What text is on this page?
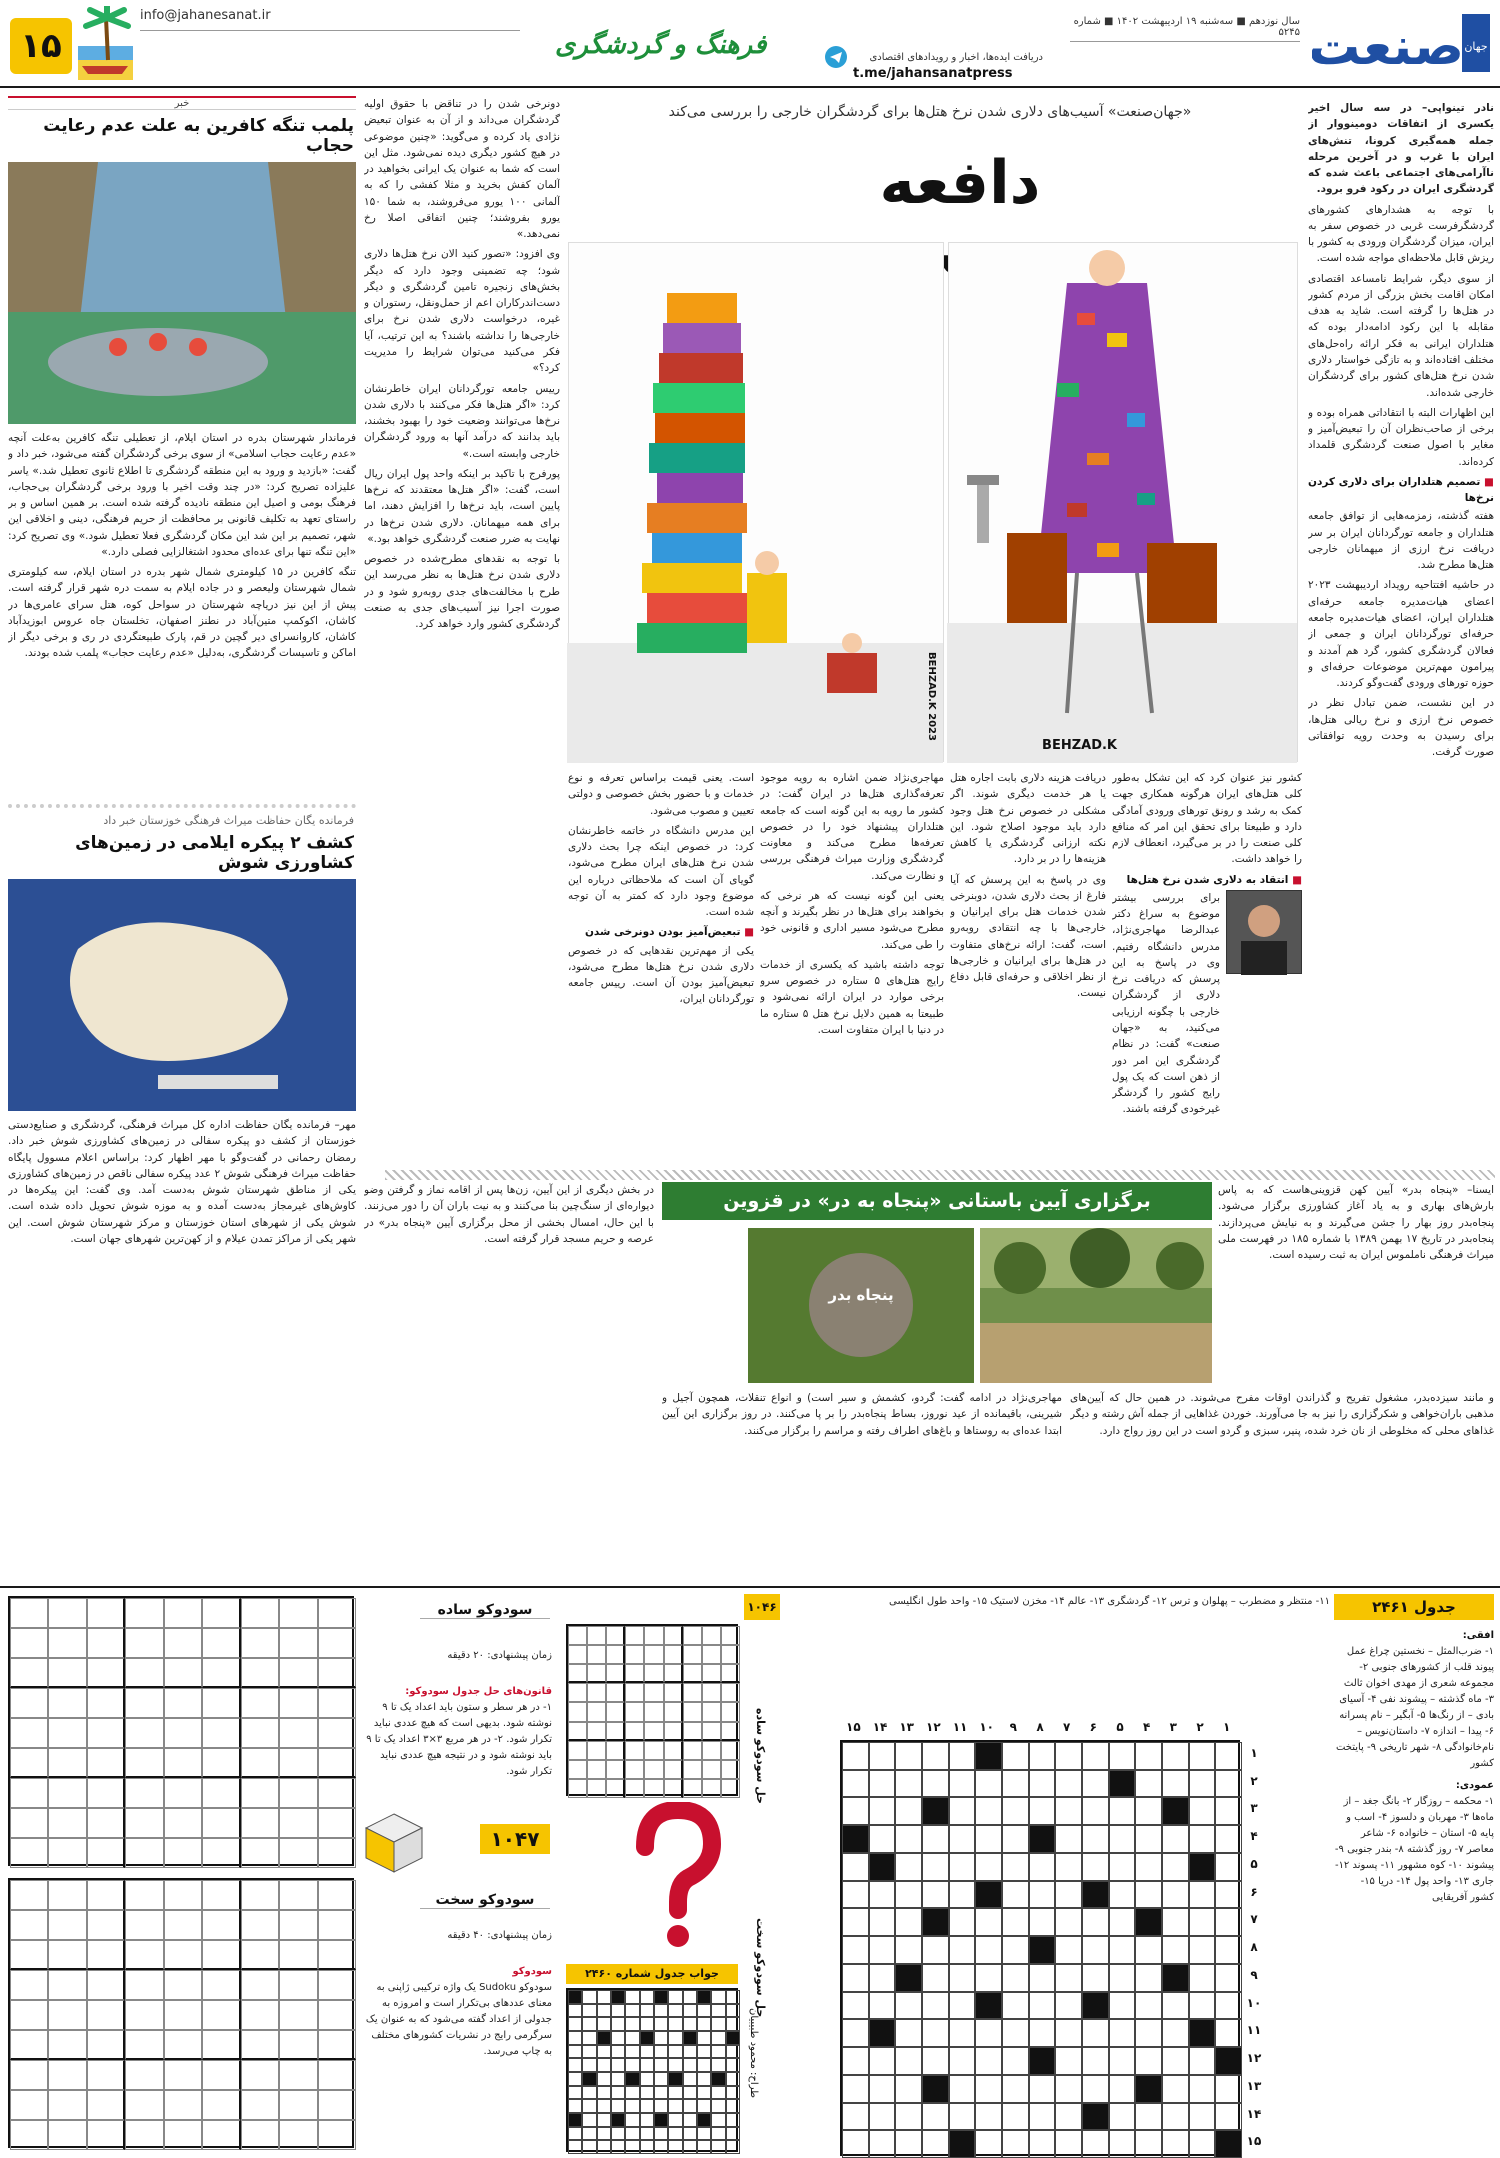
۱۵
info@jahanesanat.ir
فرهنگ و گردشگری	دریافت ایده‌ها، اخبار و رویدادهای اقتصادی
t.me/jahansanatpress
سال نوزدهم ■ سه‌شنبه ۱۹ اردیبهشت ۱۴۰۲ ■ شماره ۵۲۴۵
جهان
صنعت
«جهان‌صنعت» آسیب‌های دلاری شدن نرخ هتل‌ها برای گردشگران خارجی را بررسی می‌کند
دافعه

نادر تینواپی– در سه سال اخیر یکسری از اتفاقات دومینووار از جمله همه‌گیری کرونا، تنش‌های ایران با غرب و در آخرین مرحله ناآرامی‌های اجتماعی باعث شده که گردشگری ایران در رکود فرو برود.

با توجه به هشدارهای کشورهای گردشگرفرست غربی در خصوص سفر به ایران، میزان گردشگران ورودی به کشور با ریزش قابل ملاحظه‌ای مواجه شده است.

از سوی دیگر، شرایط نامساعد اقتصادی امکان اقامت بخش بزرگی از مردم کشور در هتل‌ها را گرفته است. شاید به هدف مقابله با این رکود ادامه‌دار بوده که هتلداران ایرانی به فکر ارائه راه‌حل‌های مختلف افتاده‌اند و به تازگی خواستار دلاری شدن نرخ هتل‌های کشور برای گردشگران خارجی شده‌اند.

این اظهارات البته با انتقاداتی همراه بوده و برخی از صاحب‌نظران آن را تبعیض‌آمیز و مغایر با اصول صنعت گردشگری قلمداد کرده‌اند.

■ تصمیم هتلداران برای دلاری کردن نرخ‌ها

هفته گذشته، زمزمه‌هایی از توافق جامعه هتلداران و جامعه تورگردانان ایران بر سر دریافت نرخ ارزی از میهمانان خارجی هتل‌ها مطرح شد.

در حاشیه افتتاحیه رویداد اردیبهشت ۲۰۲۳ اعضای هیات‌مدیره جامعه حرفه‌ای هتلداران ایران، اعضای هیات‌مدیره جامعه حرفه‌ای تورگردانان ایران و جمعی از فعالان گردشگری کشور، گرد هم آمدند و پیرامون مهم‌ترین موضوعات حرفه‌ای و حوزه تورهای ورودی گفت‌وگو کردند.

در این نشست، ضمن تبادل نظر در خصوص نرخ ارزی و نرخ ریالی هتل‌ها، برای رسیدن به وحدت رویه توافقاتی صورت گرفت.

BEHZAD.K
BEHZAD.K 2023

کشور نیز عنوان کرد که این تشکل به‌طور کلی هتل‌های ایران هرگونه همکاری جهت کمک به رشد و رونق تورهای ورودی آمادگی دارد و طبیعتا برای تحقق این امر که منافع کلی صنعت را در بر می‌گیرد، انعطاف لازم را خواهد داشت.

■ انتقاد به دلاری شدن نرخ هتل‌ها

برای بررسی بیشتر موضوع به سراغ دکتر عبدالرضا مهاجری‌نژاد، مدرس دانشگاه رفتیم. وی در پاسخ به این پرسش که دریافت نرخ دلاری از گردشگران خارجی با چگونه ارزیابی می‌کنید، به «جهان صنعت» گفت: در نظام گردشگری این امر دور از ذهن است که یک پول رایج کشور را گردشگر غیرخودی گرفته باشند.

دریافت هزینه دلاری بابت اجاره هتل یا هر خدمت دیگری شوند. اگر مشکلی در خصوص نرخ هتل وجود دارد باید موجود اصلاح شود. این نکته ارزانی گردشگری یا کاهش هزینه‌ها را در بر دارد.

وی در پاسخ به این پرسش که آیا فارغ از بحث دلاری شدن، دوبنرخی شدن خدمات هتل برای ایرانیان و خارجی‌ها با چه انتقادی روبه‌رو است، گفت: ارائه نرخ‌های متفاوت در هتل‌ها برای ایرانیان و خارجی‌ها از نظر اخلاقی و حرفه‌ای قابل دفاع نیست.

مهاجری‌نژاد ضمن اشاره به رویه موجود تعرفه‌گذاری هتل‌ها در ایران گفت: در کشور ما رویه به این گونه است که جامعه هتلداران پیشنهاد خود را در خصوص تعرفه‌ها مطرح می‌کند و معاونت گردشگری وزارت میراث فرهنگی بررسی و نظارت می‌کند.

یعنی این گونه نیست که هر نرخی که بخواهند برای هتل‌ها در نظر بگیرند و آنچه مطرح می‌شود مسیر اداری و قانونی خود را طی می‌کند.

توجه داشته باشید که یکسری از خدمات رایج هتل‌های ۵ ستاره در خصوص سرو برخی موارد در ایران ارائه نمی‌شود و طبیعتا به همین دلایل نرخ هتل ۵ ستاره ما در دنیا با ایران متفاوت است.

است. یعنی قیمت براساس تعرفه و نوع خدمات و با حضور بخش خصوصی و دولتی تعیین و مصوب می‌شود.

این مدرس دانشگاه در خاتمه خاطرنشان کرد: در خصوص اینکه چرا بحث دلاری شدن نرخ هتل‌های ایران مطرح می‌شود، گویای آن است که ملاحظاتی درباره این موضوع وجود دارد که کمتر به آن توجه شده است.

■ تبعیض‌آمیز بودن دونرخی شدن

یکی از مهم‌ترین نقدهایی که در خصوص دلاری شدن نرخ هتل‌ها مطرح می‌شود، تبعیض‌آمیز بودن آن است. رییس جامعه تورگردانان ایران،

دونرخی شدن را در تناقض با حقوق اولیه گردشگران می‌داند و از آن به عنوان تبعیض نژادی یاد کرده و می‌گوید: «چنین موضوعی در هیچ کشور دیگری دیده نمی‌شود. مثل این است که شما به عنوان یک ایرانی بخواهید در آلمان کفش بخرید و مثلا کفشی را که به آلمانی ۱۰۰ یورو می‌فروشند، به شما ۱۵۰ یورو بفروشند؛ چنین اتفاقی اصلا رخ نمی‌دهد.»

وی افزود: «تصور کنید الان نرخ هتل‌ها دلاری شود؛ چه تضمینی وجود دارد که دیگر بخش‌های زنجیره تامین گردشگری و دیگر دست‌اندرکاران اعم از حمل‌ونقل، رستوران و غیره، درخواست دلاری شدن نرخ برای خارجی‌ها را نداشته باشند؟ به این ترتیب، آیا فکر می‌کنید می‌توان شرایط را مدیریت کرد؟»

رییس جامعه تورگردانان ایران خاطرنشان کرد: «اگر هتل‌ها فکر می‌کنند با دلاری شدن نرخ‌ها می‌توانند وضعیت خود را بهبود بخشند، باید بدانند که درآمد آنها به ورود گردشگران خارجی وابسته است.»

پورفرج با تاکید بر اینکه واحد پول ایران ریال است، گفت: «اگر هتل‌ها معتقدند که نرخ‌ها پایین است، باید نرخ‌ها را افزایش دهند، اما برای همه میهمانان. دلاری شدن نرخ‌ها در نهایت به ضرر صنعت گردشگری خواهد بود.»

با توجه به نقدهای مطرح‌شده در خصوص دلاری شدن نرخ هتل‌ها به نظر می‌رسد این طرح با مخالفت‌های جدی روبه‌رو شود و در صورت اجرا نیز آسیب‌های جدی به صنعت گردشگری کشور وارد خواهد کرد.

خبر
پلمب تنگه کافرین به علت عدم رعایت حجاب

فرماندار شهرستان بدره در استان ایلام، از تعطیلی تنگه کافرین به‌علت آنچه «عدم رعایت حجاب اسلامی» از سوی برخی گردشگران گفته می‌شود، خبر داد و گفت: «بازدید و ورود به این منطقه گردشگری تا اطلاع ثانوی تعطیل شد.» یاسر علیزاده تصریح کرد: «در چند وقت اخیر با ورود برخی گردشگران بی‌حجاب، فرهنگ بومی و اصیل این منطقه نادیده گرفته شده است. بر همین اساس و بر راستای تعهد به تکلیف قانونی بر محافظت از حریم فرهنگی، دینی و اخلاقی این شهر، تصمیم بر این شد این مکان گردشگری فعلا تعطیل شود.» وی تصریح کرد: «این تنگه تنها برای عده‌ای محدود اشتغالزایی فصلی دارد.»

تنگه کافرین در ۱۵ کیلومتری شمال شهر بدره در استان ایلام، سه کیلومتری شمال شهرستان ولیعصر و در جاده ایلام به سمت دره شهر قرار گرفته است. پیش از این نیز دریاچه شهرستان در سواحل کوه، هتل سرای عامری‌ها در کاشان، اکوکمپ متین‌آباد در نطنز اصفهان، تخلستان جاه عروس ابوزیدآباد کاشان، کاروانسرای دیر گچین در قم، پارک طبیعتگردی در ری و برخی دیگر از اماکن و تاسیسات گردشگری، به‌دلیل «عدم رعایت حجاب» پلمب شده بودند.

فرمانده یگان حفاظت میراث فرهنگی خوزستان خبر داد
کشف ۲ پیکره ایلامی در زمین‌های کشاورزی شوش

مهر– فرمانده یگان حفاظت اداره کل میراث فرهنگی، گردشگری و صنایع‌دستی خوزستان از کشف دو پیکره سفالی در زمین‌های کشاورزی شوش خبر داد. رمضان رحمانی در گفت‌وگو با مهر اظهار کرد: براساس اعلام مسوول پایگاه حفاظت میراث فرهنگی شوش ۲ عدد پیکره سفالی ناقص در زمین‌های کشاورزی یکی از مناطق شهرستان شوش به‌دست آمد. وی گفت: این پیکره‌ها در کاوش‌های غیرمجاز به‌دست آمده و به موزه شوش تحویل داده شده است. شوش یکی از شهرهای استان خوزستان و مرکز شهرستان شوش است. این شهر یکی از مراکز تمدن عیلام و از کهن‌ترین شهرهای جهان است.

برگزاری آیین باستانی «پنجاه به در» در قزوین
پنجاه بدر

ایسنا– «پنجاه بدر» آیین کهن قزوینی‌هاست که به پاس بارش‌های بهاری و به یاد آغاز کشاورزی برگزار می‌شود. پنجاه‌بدر روز بهار را جشن می‌گیرند و به نیایش می‌پردازند. پنجاه‌بدر در تاریخ ۱۷ بهمن ۱۳۸۹ با شماره ۱۸۵ در فهرست ملی میراث فرهنگی ناملموس ایران به ثبت رسیده است.

و مانند سیزده‌بدر، مشغول تفریح و گذراندن اوقات مفرح می‌شوند. در همین حال که آیین‌های مذهبی باران‌خواهی و شکرگزاری را نیز به جا می‌آورند. خوردن غذاهایی از جمله آش رشته و دیگر غذاهای محلی که مخلوطی از نان خرد شده، پنیر، سبزی و گردو است در این روز رواج دارد.

مهاجری‌نژاد در ادامه گفت: گردو، کشمش و سیر است) و انواع تنقلات، همچون آجیل و شیرینی، باقیمانده از عید نوروز، بساط پنجاه‌بدر را بر پا می‌کنند. در روز برگزاری این آیین ابتدا عده‌ای به روستاها و باغ‌های اطراف رفته و مراسم را برگزار می‌کنند.

در بخش دیگری از این آیین، زن‌ها پس از اقامه نماز و گرفتن وضو دیواره‌ای از سنگ‌چین بنا می‌کنند و به نیت باران آن را دور می‌زنند. با این حال، امسال بخشی از محل برگزاری آیین «پنجاه بدر» در عرصه و حریم مسجد قرار گرفته است.

جدول ۲۴۶۱
افقی:
۱- ضرب‌المثل – نخستین چراغ عمل پیوند قلب از کشورهای جنوبی ۲- مجموعه شعری از مهدی اخوان ثالث ۳- ماه گذشته – پیشوند نفی ۴- آسیای بادی – از رنگ‌ها ۵- آبگیر – نام پسرانه ۶- پیدا – اندازه ۷- داستان‌نویس – نام‌خانوادگی ۸- شهر تاریخی ۹- پایتخت کشور
عمودی:
۱- محکمه – روزگار ۲- بانگ جغد – از ماه‌ها ۳- مهربان و دلسوز ۴- اسب و پایه ۵- استان – خانواده ۶- شاعر معاصر ۷- روز گذشته ۸- بندر جنوبی ۹- پیشوند ۱۰- کوه مشهور ۱۱- پسوند ۱۲- جاری ۱۳- واحد پول ۱۴- دریا ۱۵- کشور آفریقایی
۱۱- منتظر و مضطرب – پهلوان و ترس ۱۲- گردشگری ۱۳- عالم ۱۴- مخزن لاستیک ۱۵- واحد طول انگلیسی
۱
۲
۳
۴
۵
۶
۷
۸
۹
۱۰
۱۱
۱۲
۱۳
۱۴
۱۵
۱
۲
۳
۴
۵
۶
۷
۸
۹
۱۰
۱۱
۱۲
۱۳
۱۴
۱۵
۱۰۴۶
حل سودوکو ساده
حل سودوکو سخت
جواب جدول شماره ۲۴۶۰
طراح: محمود طبیبیان
سودوکو ساده
زمان پیشنهادی: ۲۰ دقیقه
قانون‌های حل جدول سودوکو:
۱- در هر سطر و ستون باید اعداد یک تا ۹ نوشته شود. بدیهی است که هیچ عددی نباید تکرار شود. ۲- در هر مربع ۳×۳ اعداد یک تا ۹ باید نوشته شود و در نتیجه هیچ عددی نباید تکرار شود.
۱۰۴۷
سودوکو سخت
زمان پیشنهادی: ۴۰ دقیقه
سودوکو
سودوکو Sudoku یک واژه ترکیبی ژاپنی به معنای عددهای بی‌تکرار است و امروزه به جدولی از اعداد گفته می‌شود که به عنوان یک سرگرمی رایج در نشریات کشورهای مختلف به چاپ می‌رسد.
